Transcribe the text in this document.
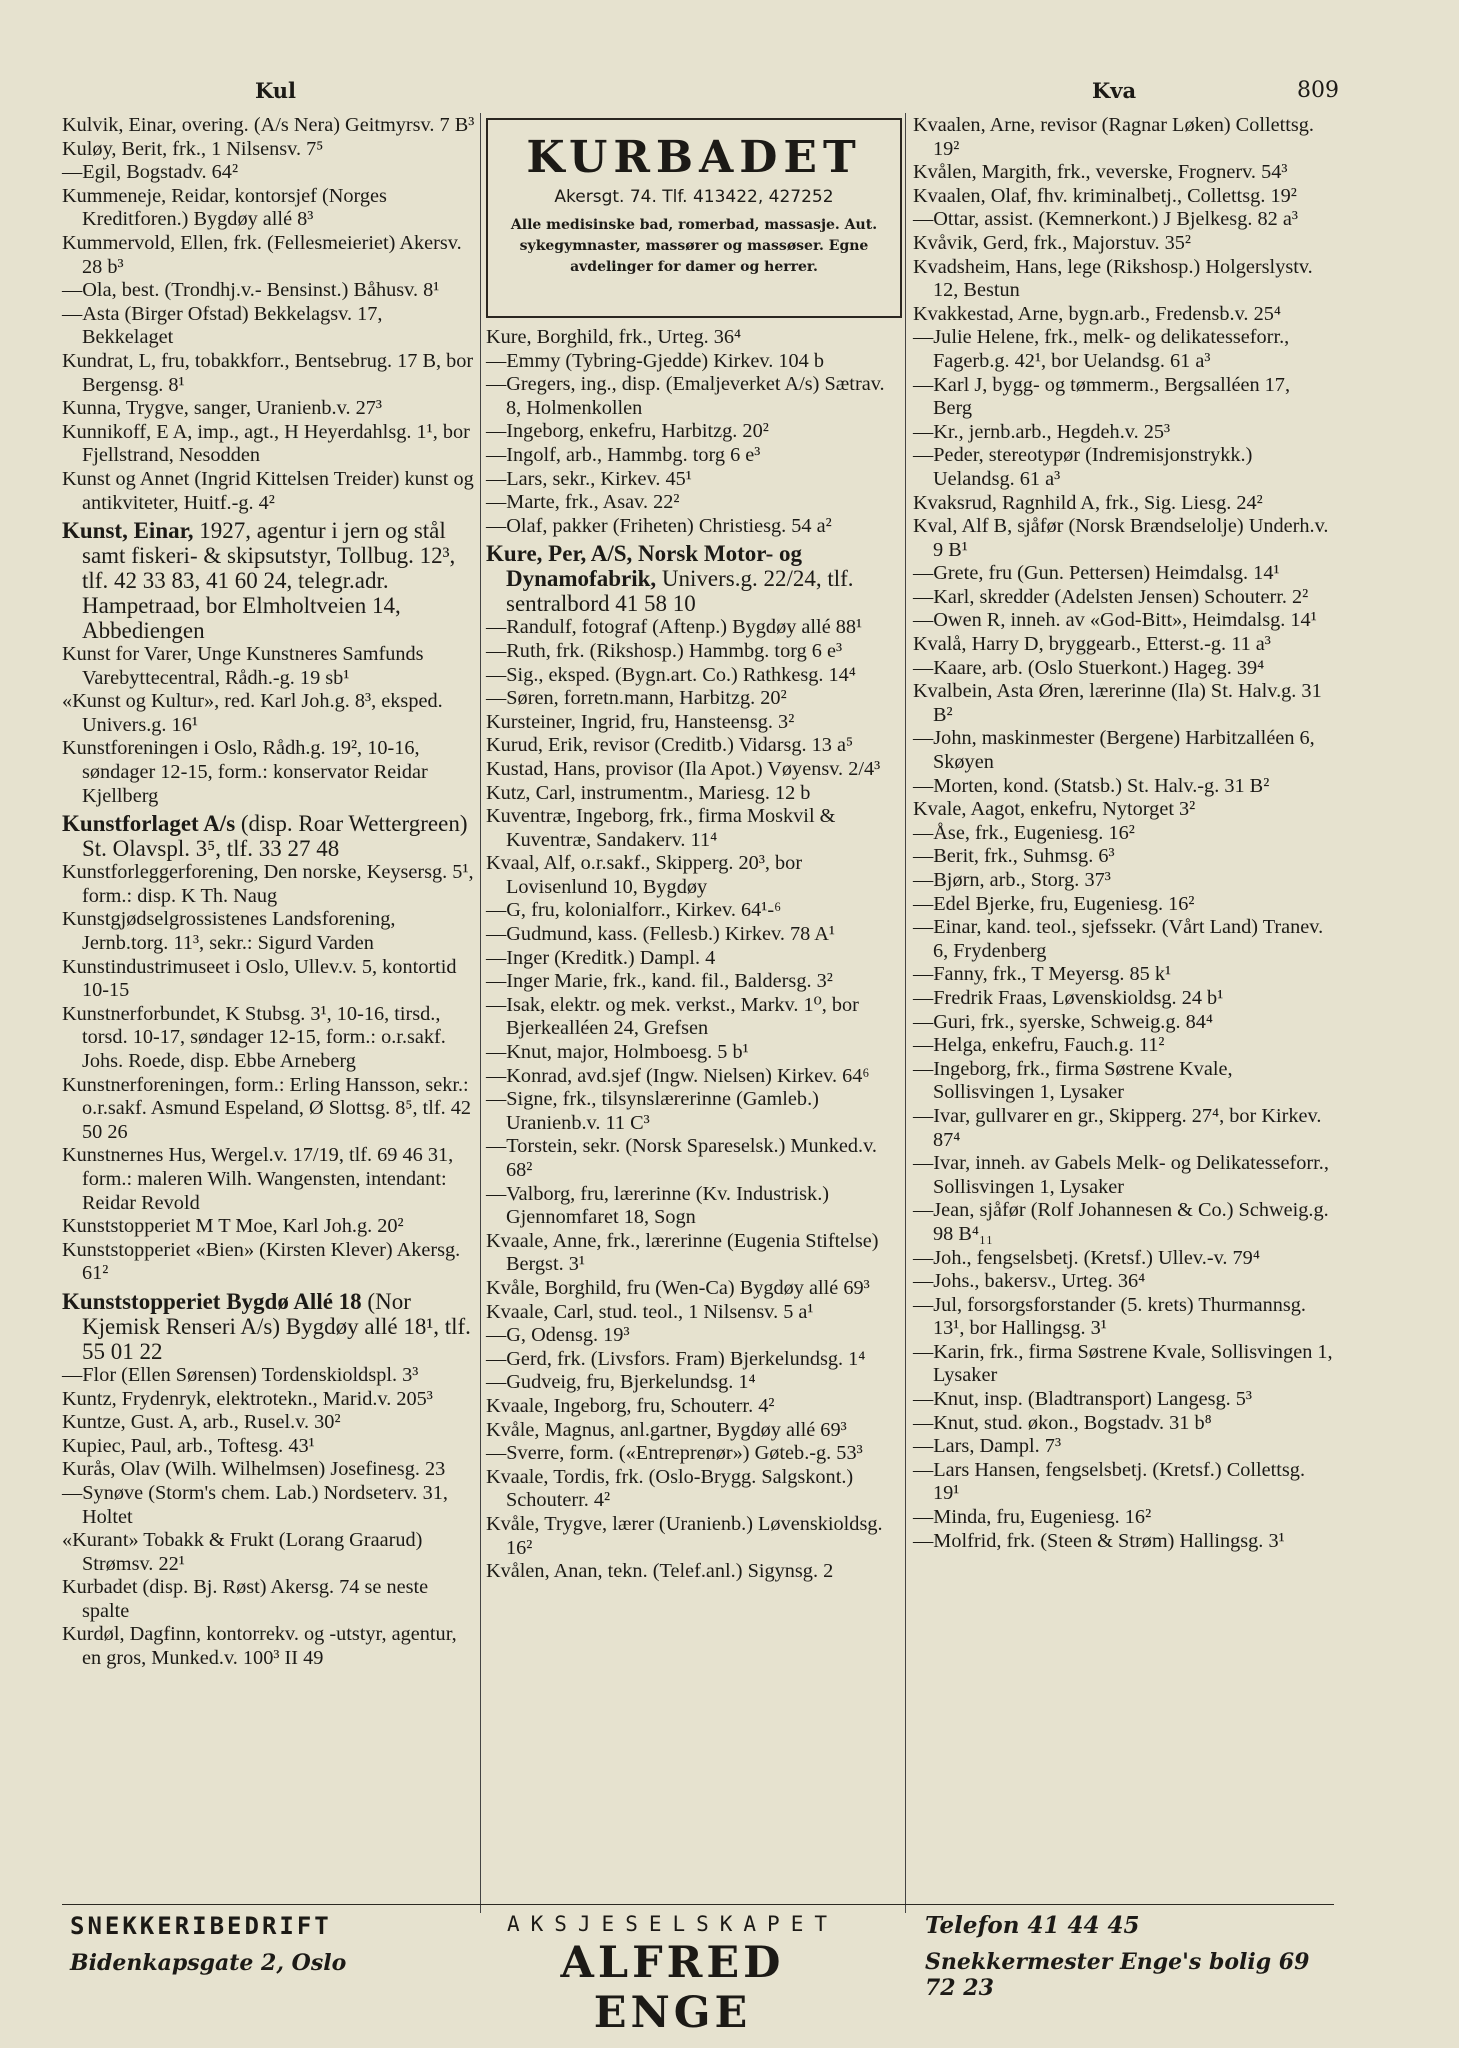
Kul	Kva	809
KURBADET
Akersgt. 74. Tlf. 413422, 427252
Alle medisinske bad, romerbad, massasje. Aut. sykegymnaster, massører og massøser. Egne avdelinger for damer og herrer.

Kulvik, Einar, overing. (A/s Nera) Geitmyrsv. 7 B³

Kuløy, Berit, frk., 1 Nilsensv. 7⁵

—Egil, Bogstadv. 64²

Kummeneje, Reidar, kontorsjef (Norges Kreditforen.) Bygdøy allé 8³

Kummervold, Ellen, frk. (Fellesmeieriet) Akersv. 28 b³

—Ola, best. (Trondhj.v.- Bensinst.) Båhusv. 8¹

—Asta (Birger Ofstad) Bekkelagsv. 17, Bekkelaget

Kundrat, L, fru, tobakkforr., Bentsebrug. 17 B, bor Bergensg. 8¹

Kunna, Trygve, sanger, Uranienb.v. 27³

Kunnikoff, E A, imp., agt., H Heyerdahlsg. 1¹, bor Fjellstrand, Nesodden

Kunst og Annet (Ingrid Kittelsen Treider) kunst og antikviteter, Huitf.-g. 4²

Kunst, Einar, 1927, agentur i jern og stål samt fiskeri- & skipsutstyr, Tollbug. 12³, tlf. 42 33 83, 41 60 24, telegr.adr. Hampetraad, bor Elmholtveien 14, Abbediengen

Kunst for Varer, Unge Kunstneres Samfunds Varebyttecentral, Rådh.-g. 19 sb¹

«Kunst og Kultur», red. Karl Joh.g. 8³, eksped. Univers.g. 16¹

Kunstforeningen i Oslo, Rådh.g. 19², 10-16, søndager 12-15, form.: konservator Reidar Kjellberg

Kunstforlaget A/s (disp. Roar Wettergreen) St. Olavspl. 3⁵, tlf. 33 27 48

Kunstforleggerforening, Den norske, Keysersg. 5¹, form.: disp. K Th. Naug

Kunstgjødselgrossistenes Landsforening, Jernb.torg. 11³, sekr.: Sigurd Varden

Kunstindustrimuseet i Oslo, Ullev.v. 5, kontortid 10-15

Kunstnerforbundet, K Stubsg. 3¹, 10-16, tirsd., torsd. 10-17, søndager 12-15, form.: o.r.sakf. Johs. Roede, disp. Ebbe Arneberg

Kunstnerforeningen, form.: Erling Hansson, sekr.: o.r.sakf. Asmund Espeland, Ø Slottsg. 8⁵, tlf. 42 50 26

Kunstnernes Hus, Wergel.v. 17/19, tlf. 69 46 31, form.: maleren Wilh. Wangensten, intendant: Reidar Revold

Kunststopperiet M T Moe, Karl Joh.g. 20²

Kunststopperiet «Bien» (Kirsten Klever) Akersg. 61²

Kunststopperiet Bygdø Allé 18 (Nor Kjemisk Renseri A/s) Bygdøy allé 18¹, tlf. 55 01 22

—Flor (Ellen Sørensen) Tordenskioldspl. 3³

Kuntz, Frydenryk, elektrotekn., Marid.v. 205³

Kuntze, Gust. A, arb., Rusel.v. 30²

Kupiec, Paul, arb., Toftesg. 43¹

Kurås, Olav (Wilh. Wilhelmsen) Josefinesg. 23

—Synøve (Storm's chem. Lab.) Nordseterv. 31, Holtet

«Kurant» Tobakk & Frukt (Lorang Graarud) Strømsv. 22¹

Kurbadet (disp. Bj. Røst) Akersg. 74 se neste spalte

Kurdøl, Dagfinn, kontorrekv. og -utstyr, agentur, en gros, Munked.v. 100³ II 49

Kure, Borghild, frk., Urteg. 36⁴

—Emmy (Tybring-Gjedde) Kirkev. 104 b

—Gregers, ing., disp. (Emaljeverket A/s) Sætrav. 8, Holmenkollen

—Ingeborg, enkefru, Harbitzg. 20²

—Ingolf, arb., Hammbg. torg 6 e³

—Lars, sekr., Kirkev. 45¹

—Marte, frk., Asav. 22²

—Olaf, pakker (Friheten) Christiesg. 54 a²

Kure, Per, A/S, Norsk Motor- og Dynamofabrik, Univers.g. 22/24, tlf. sentralbord 41 58 10

—Randulf, fotograf (Aftenp.) Bygdøy allé 88¹

—Ruth, frk. (Rikshosp.) Hammbg. torg 6 e³

—Sig., eksped. (Bygn.art. Co.) Rathkesg. 14⁴

—Søren, forretn.mann, Harbitzg. 20²

Kursteiner, Ingrid, fru, Hansteensg. 3²

Kurud, Erik, revisor (Creditb.) Vidarsg. 13 a⁵

Kustad, Hans, provisor (Ila Apot.) Vøyensv. 2/4³

Kutz, Carl, instrumentm., Mariesg. 12 b

Kuventræ, Ingeborg, frk., firma Moskvil & Kuventræ, Sandakerv. 11⁴

Kvaal, Alf, o.r.sakf., Skipperg. 20³, bor Lovisenlund 10, Bygdøy

—G, fru, kolonialforr., Kirkev. 64¹-⁶

—Gudmund, kass. (Fellesb.) Kirkev. 78 A¹

—Inger (Kreditk.) Dampl. 4

—Inger Marie, frk., kand. fil., Baldersg. 3²

—Isak, elektr. og mek. verkst., Markv. 1⁰, bor Bjerkealléen 24, Grefsen

—Knut, major, Holmboesg. 5 b¹

—Konrad, avd.sjef (Ingw. Nielsen) Kirkev. 64⁶

—Signe, frk., tilsynslærerinne (Gamleb.) Uranienb.v. 11 C³

—Torstein, sekr. (Norsk Spareselsk.) Munked.v. 68²

—Valborg, fru, lærerinne (Kv. Industrisk.) Gjennomfaret 18, Sogn

Kvaale, Anne, frk., lærerinne (Eugenia Stiftelse) Bergst. 3¹

Kvåle, Borghild, fru (Wen-Ca) Bygdøy allé 69³

Kvaale, Carl, stud. teol., 1 Nilsensv. 5 a¹

—G, Odensg. 19³

—Gerd, frk. (Livsfors. Fram) Bjerkelundsg. 1⁴

—Gudveig, fru, Bjerkelundsg. 1⁴

Kvaale, Ingeborg, fru, Schouterr. 4²

Kvåle, Magnus, anl.gartner, Bygdøy allé 69³

—Sverre, form. («Entreprenør») Gøteb.-g. 53³

Kvaale, Tordis, frk. (Oslo-Brygg. Salgskont.) Schouterr. 4²

Kvåle, Trygve, lærer (Uranienb.) Løvenskioldsg. 16²

Kvålen, Anan, tekn. (Telef.anl.) Sigynsg. 2

Kvaalen, Arne, revisor (Ragnar Løken) Collettsg. 19²

Kvålen, Margith, frk., veverske, Frognerv. 54³

Kvaalen, Olaf, fhv. kriminalbetj., Collettsg. 19²

—Ottar, assist. (Kemnerkont.) J Bjelkesg. 82 a³

Kvåvik, Gerd, frk., Majorstuv. 35²

Kvadsheim, Hans, lege (Rikshosp.) Holgerslystv. 12, Bestun

Kvakkestad, Arne, bygn.arb., Fredensb.v. 25⁴

—Julie Helene, frk., melk- og delikatesseforr., Fagerb.g. 42¹, bor Uelandsg. 61 a³

—Karl J, bygg- og tømmerm., Bergsalléen 17, Berg

—Kr., jernb.arb., Hegdeh.v. 25³

—Peder, stereotypør (Indremisjonstrykk.) Uelandsg. 61 a³

Kvaksrud, Ragnhild A, frk., Sig. Liesg. 24²

Kval, Alf B, sjåfør (Norsk Brændselolje) Underh.v. 9 B¹

—Grete, fru (Gun. Pettersen) Heimdalsg. 14¹

—Karl, skredder (Adelsten Jensen) Schouterr. 2²

—Owen R, inneh. av «God-Bitt», Heimdalsg. 14¹

Kvalå, Harry D, bryggearb., Etterst.-g. 11 a³

—Kaare, arb. (Oslo Stuerkont.) Hageg. 39⁴

Kvalbein, Asta Øren, lærerinne (Ila) St. Halv.g. 31 B²

—John, maskinmester (Bergene) Harbitzalléen 6, Skøyen

—Morten, kond. (Statsb.) St. Halv.-g. 31 B²

Kvale, Aagot, enkefru, Nytorget 3²

—Åse, frk., Eugeniesg. 16²

—Berit, frk., Suhmsg. 6³

—Bjørn, arb., Storg. 37³

—Edel Bjerke, fru, Eugeniesg. 16²

—Einar, kand. teol., sjefssekr. (Vårt Land) Tranev. 6, Frydenberg

—Fanny, frk., T Meyersg. 85 k¹

—Fredrik Fraas, Løvenskioldsg. 24 b¹

—Guri, frk., syerske, Schweig.g. 84⁴

—Helga, enkefru, Fauch.g. 11²

—Ingeborg, frk., firma Søstrene Kvale, Sollisvingen 1, Lysaker

—Ivar, gullvarer en gr., Skipperg. 27⁴, bor Kirkev. 87⁴

—Ivar, inneh. av Gabels Melk- og Delikatesseforr., Sollisvingen 1, Lysaker

—Jean, sjåfør (Rolf Johannesen & Co.) Schweig.g. 98 B⁴₁₁

—Joh., fengselsbetj. (Kretsf.) Ullev.-v. 79⁴

—Johs., bakersv., Urteg. 36⁴

—Jul, forsorgsforstander (5. krets) Thurmannsg. 13¹, bor Hallingsg. 3¹

—Karin, frk., firma Søstrene Kvale, Sollisvingen 1, Lysaker

—Knut, insp. (Bladtransport) Langesg. 5³

—Knut, stud. økon., Bogstadv. 31 b⁸

—Lars, Dampl. 7³

—Lars Hansen, fengselsbetj. (Kretsf.) Collettsg. 19¹

—Minda, fru, Eugeniesg. 16²

—Molfrid, frk. (Steen & Strøm) Hallingsg. 3¹

SNEKKERIBEDRIFT
Bidenkapsgate 2, Oslo
AKSJESELSKAPET
ALFRED ENGE
Telefon 41 44 45
Snekkermester Enge's bolig 69 72 23
